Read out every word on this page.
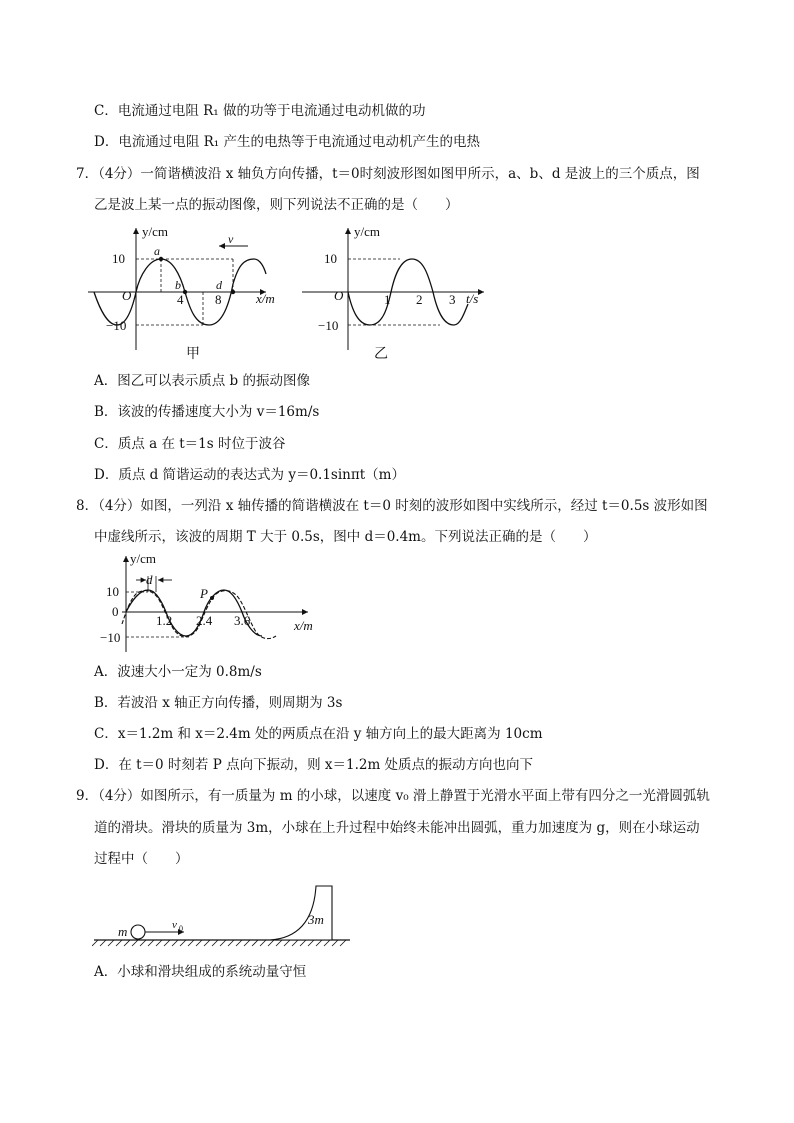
C．电流通过电阻 R₁ 做的功等于电流通过电动机做的功
D．电流通过电阻 R₁ 产生的电热等于电流通过电动机产生的电热
7．（4分）一简谐横波沿 x 轴负方向传播，t＝0时刻波形图如图甲所示，a、b、d 是波上的三个质点，图
乙是波上某一点的振动图像，则下列说法不正确的是（　　）
y/cm
10
−10
O	4 8	x/m
a
b	d
v
甲
y/cm
10
−10
O	1 2 3 t/s
乙
A．图乙可以表示质点 b 的振动图像
B．该波的传播速度大小为 v＝16m/s
C．质点 a 在 t＝1s 时位于波谷
D．质点 d 简谐运动的表达式为 y＝0.1sinπt（m）
8．（4分）如图，一列沿 x 轴传播的简谐横波在 t＝0 时刻的波形如图中实线所示，经过 t＝0.5s 波形如图
中虚线所示，该波的周期 T 大于 0.5s，图中 d＝0.4m。下列说法正确的是（　　）
y/cm
10
0
−10
d
P
1.2 2.4 3.6	x/m
A．波速大小一定为 0.8m/s
B．若波沿 x 轴正方向传播，则周期为 3s
C．x＝1.2m 和 x＝2.4m 处的两质点在沿 y 轴方向上的最大距离为 10cm
D．在 t＝0 时刻若 P 点向下振动，则 x＝1.2m 处质点的振动方向也向下
9．（4分）如图所示，有一质量为 m 的小球，以速度 v₀ 滑上静置于光滑水平面上带有四分之一光滑圆弧轨
道的滑块。滑块的质量为 3m，小球在上升过程中始终未能冲出圆弧，重力加速度为 g，则在小球运动
过程中（　　）
m	v 0
3m
A．小球和滑块组成的系统动量守恒
